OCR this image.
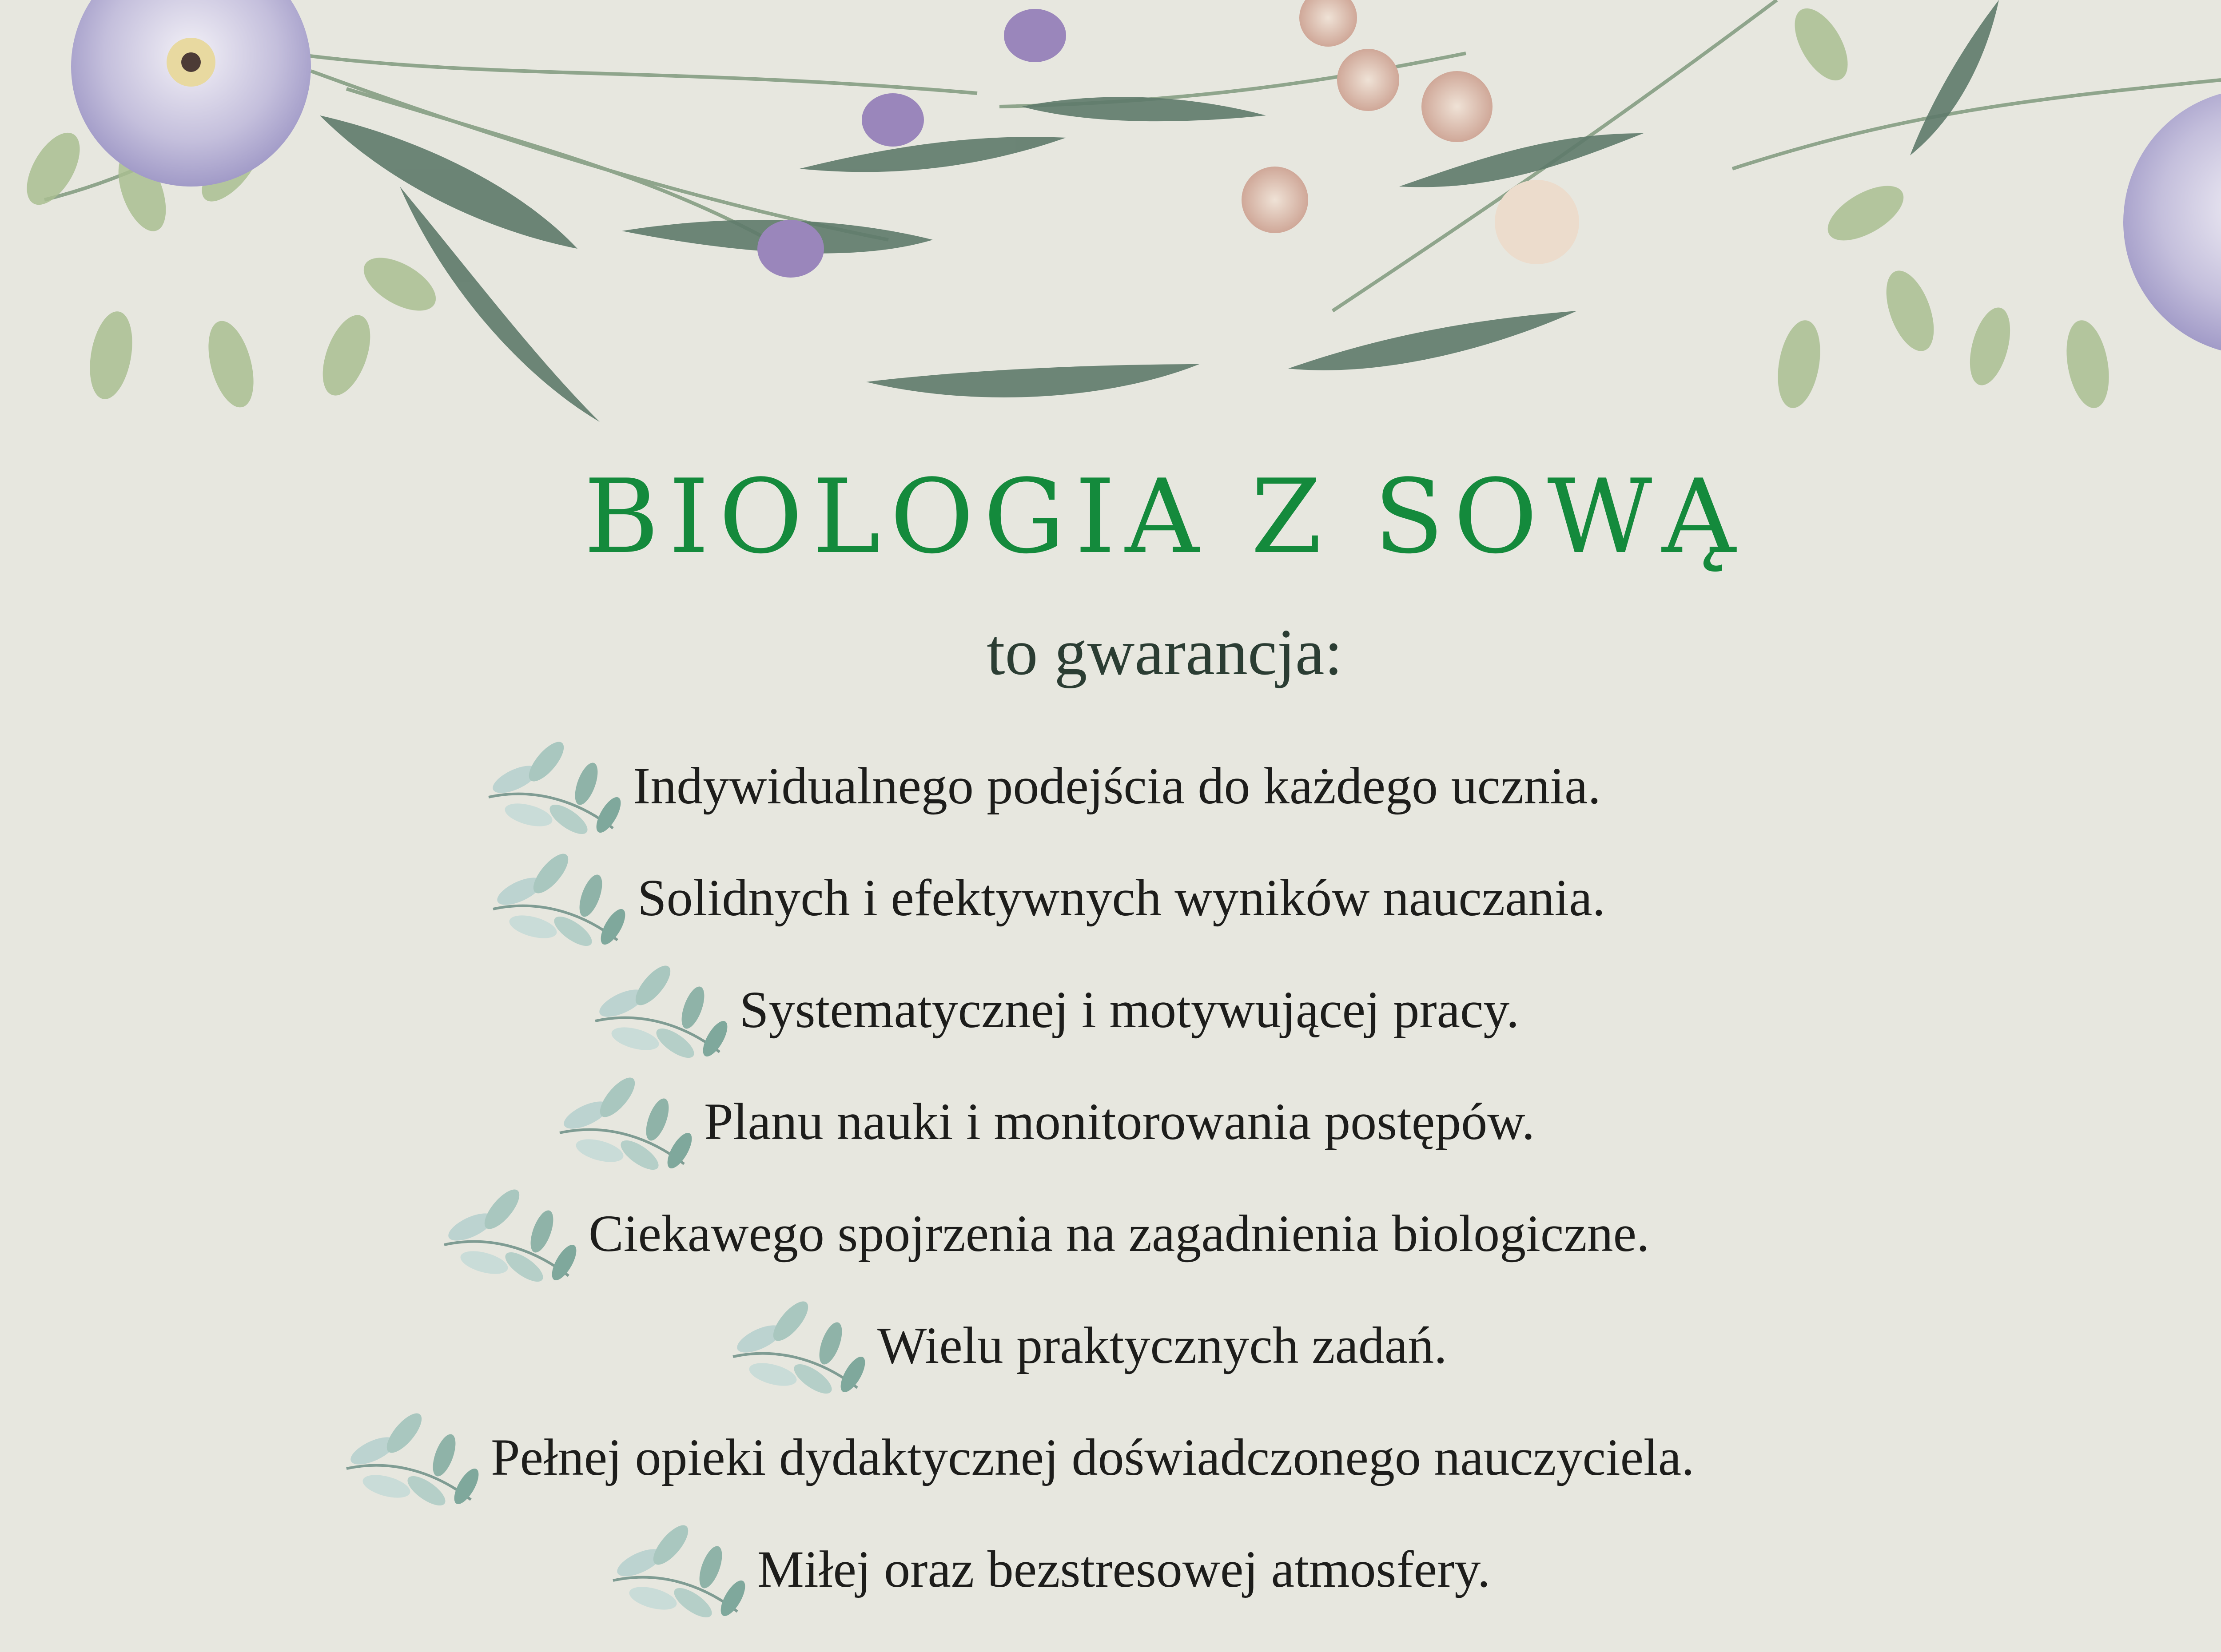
BIOLOGIA Z SOWĄ
to gwarancja:
Indywidualnego podejścia do każdego ucznia.
Solidnych i efektywnych wyników nauczania.
Systematycznej i motywującej pracy.
Planu nauki i monitorowania postępów.
Ciekawego spojrzenia na zagadnienia biologiczne.
Wielu praktycznych zadań.
Pełnej opieki dydaktycznej doświadczonego nauczyciela.
Miłej oraz bezstresowej atmosfery.
